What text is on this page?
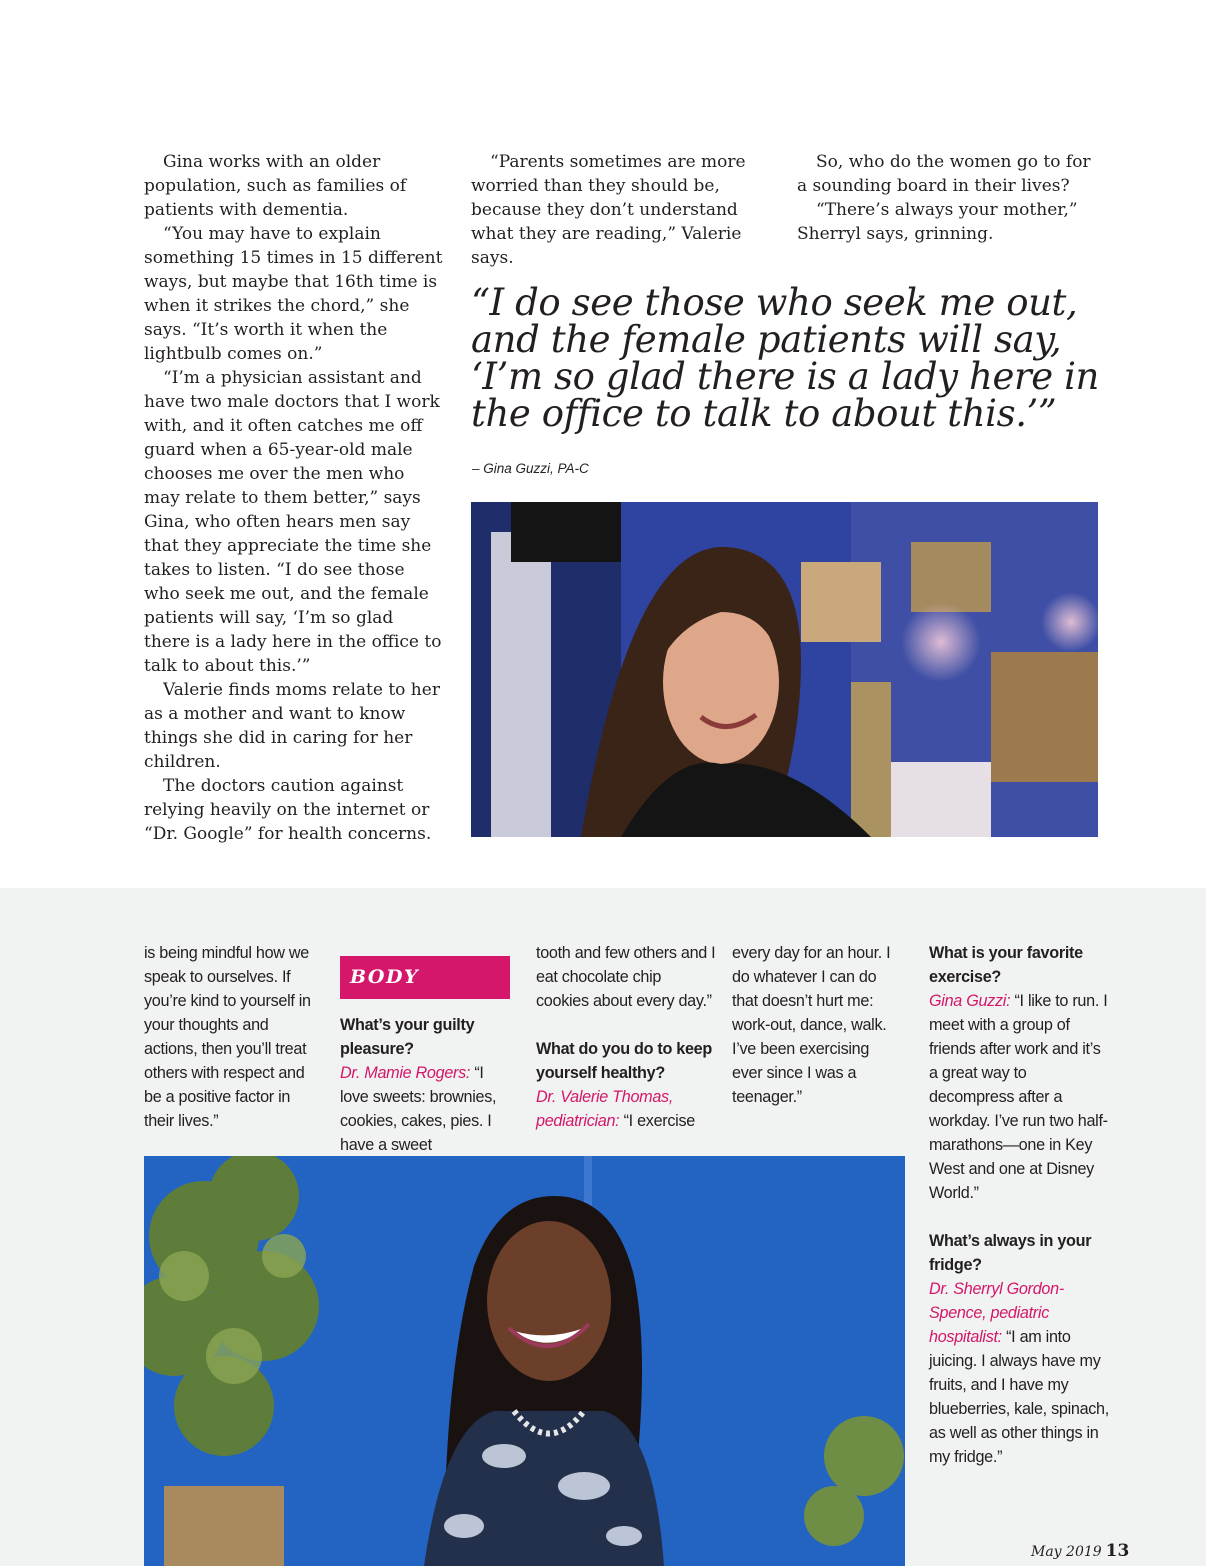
Gina works with an older population, such as families of patients with dementia.

“You may have to explain something 15 times in 15 different ways, but maybe that 16th time is when it strikes the chord,” she says. “It’s worth it when the lightbulb comes on.”

“I’m a physician assistant and have two male doctors that I work with, and it often catches me off guard when a 65-year-old male chooses me over the men who may relate to them better,” says Gina, who often hears men say that they appreciate the time she takes to listen. “I do see those who seek me out, and the female patients will say, ‘I’m so glad there is a lady here in the office to talk to about this.’”

Valerie finds moms relate to her as a mother and want to know things she did in caring for her children.

The doctors caution against relying heavily on the internet or “Dr. Google” for health concerns.

“Parents sometimes are more worried than they should be, because they don’t understand what they are reading,” Valerie says.

So, who do the women go to for a sounding board in their lives?

“There’s always your mother,” Sherryl says, grinning.

“I do see those who seek me out,
and the female patients will say,
‘I’m so glad there is a lady here in
the office to talk to about this.’”
– Gina Guzzi, PA-C

is being mindful how we speak to ourselves. If you’re kind to yourself in your thoughts and actions, then you’ll treat others with respect and be a positive factor in their lives.”

BODY

What’s your guilty pleasure?

Dr. Mamie Rogers: “I love sweets: brownies, cookies, cakes, pies. I have a sweet

tooth and few others and I eat chocolate chip cookies about every day.”

What do you do to keep yourself healthy?

Dr. Valerie Thomas, pediatrician: “I exercise

every day for an hour. I do whatever I can do that doesn’t hurt me: work-out, dance, walk. I’ve been exercising ever since I was a teenager.”

What is your favorite exercise?

Gina Guzzi: “I like to run. I meet with a group of friends after work and it’s a great way to decompress after a workday. I’ve run two half-marathons—one in Key West and one at Disney World.”

What’s always in your fridge?

Dr. Sherryl Gordon-Spence, pediatric hospitalist: “I am into juicing. I always have my fruits, and I have my blueberries, kale, spinach, as well as other things in my fridge.”

May 2019 13
